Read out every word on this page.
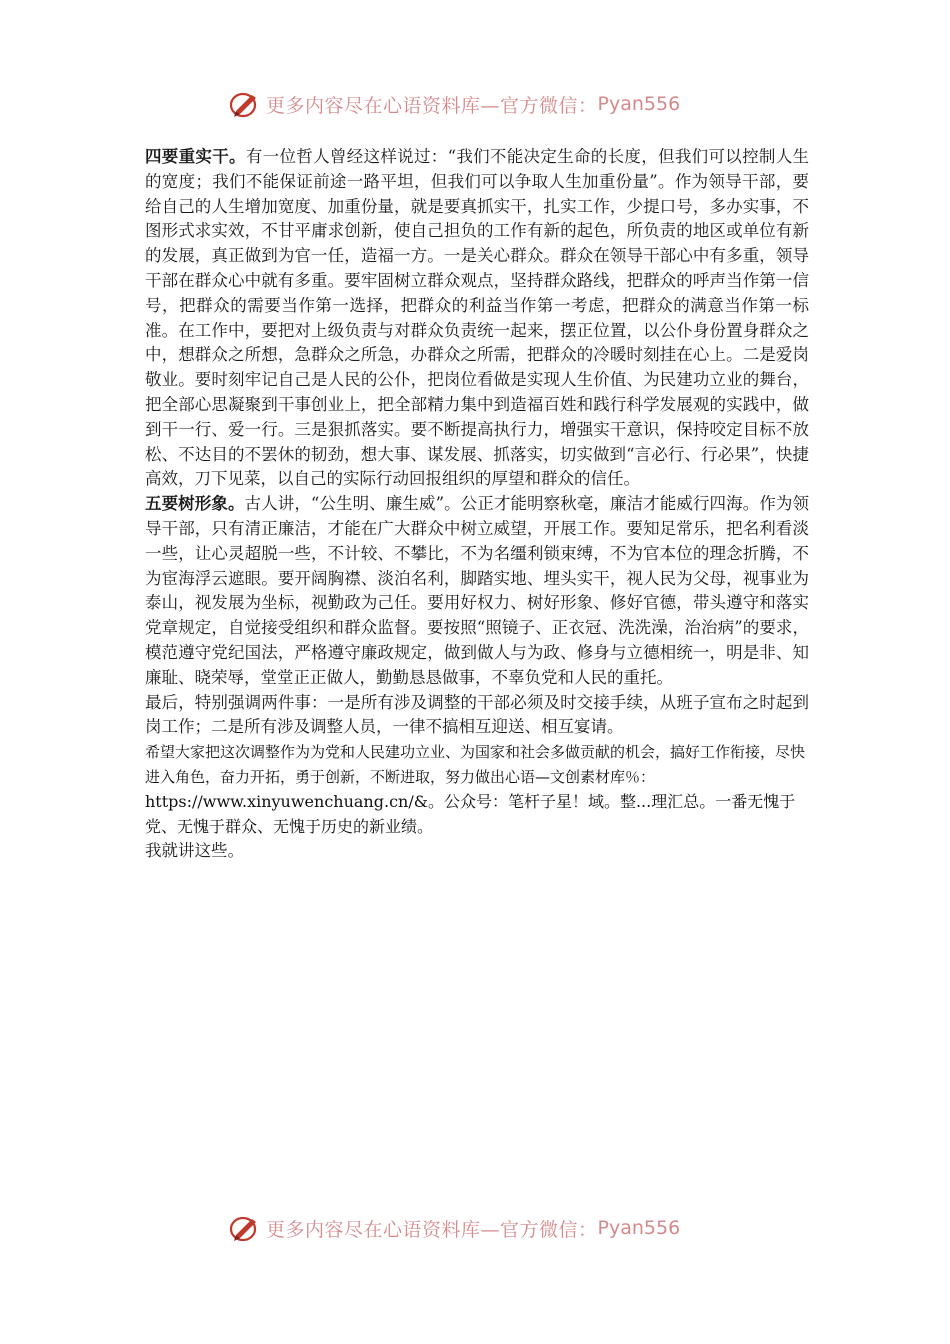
更多内容尽在心语资料库—官方微信： Pyan556

四要重实干。有一位哲人曾经这样说过：“我们不能决定生命的长度，但我们可以控制人生的宽度；我们不能保证前途一路平坦，但我们可以争取人生加重份量”。作为领导干部，要给自己的人生增加宽度、加重份量，就是要真抓实干，扎实工作，少提口号，多办实事，不图形式求实效，不甘平庸求创新，使自己担负的工作有新的起色，所负责的地区或单位有新的发展，真正做到为官一任，造福一方。一是关心群众。群众在领导干部心中有多重，领导干部在群众心中就有多重。要牢固树立群众观点，坚持群众路线，把群众的呼声当作第一信号，把群众的需要当作第一选择，把群众的利益当作第一考虑，把群众的满意当作第一标准。在工作中，要把对上级负责与对群众负责统一起来，摆正位置，以公仆身份置身群众之中，想群众之所想，急群众之所急，办群众之所需，把群众的冷暖时刻挂在心上。二是爱岗敬业。要时刻牢记自己是人民的公仆，把岗位看做是实现人生价值、为民建功立业的舞台，把全部心思凝聚到干事创业上，把全部精力集中到造福百姓和践行科学发展观的实践中，做到干一行、爱一行。三是狠抓落实。要不断提高执行力，增强实干意识，保持咬定目标不放松、不达目的不罢休的韧劲，想大事、谋发展、抓落实，切实做到“言必行、行必果”，快捷高效，刀下见菜，以自己的实际行动回报组织的厚望和群众的信任。

五要树形象。古人讲，“公生明、廉生威”。公正才能明察秋毫，廉洁才能威行四海。作为领导干部，只有清正廉洁，才能在广大群众中树立威望，开展工作。要知足常乐，把名利看淡一些，让心灵超脱一些，不计较、不攀比，不为名缰利锁束缚，不为官本位的理念折腾，不为宦海浮云遮眼。要开阔胸襟、淡泊名利，脚踏实地、埋头实干，视人民为父母，视事业为泰山，视发展为坐标，视勤政为己任。要用好权力、树好形象、修好官德，带头遵守和落实党章规定，自觉接受组织和群众监督。要按照“照镜子、正衣冠、洗洗澡，治治病”的要求，模范遵守党纪国法，严格遵守廉政规定，做到做人与为政、修身与立德相统一，明是非、知廉耻、晓荣辱，堂堂正正做人，勤勤恳恳做事，不辜负党和人民的重托。

最后，特别强调两件事：一是所有涉及调整的干部必须及时交接手续，从班子宣布之时起到岗工作；二是所有涉及调整人员，一律不搞相互迎送、相互宴请。

希望大家把这次调整作为为党和人民建功立业、为国家和社会多做贡献的机会，搞好工作衔接，尽快进入角色，奋力开拓，勇于创新，不断进取，努力做出心语—文创素材库％：
https://www.xinyuwenchuang.cn/&。公众号：笔杆子星！域。整...理汇总。一番无愧于党、无愧于群众、无愧于历史的新业绩。

我就讲这些。

更多内容尽在心语资料库—官方微信： Pyan556
